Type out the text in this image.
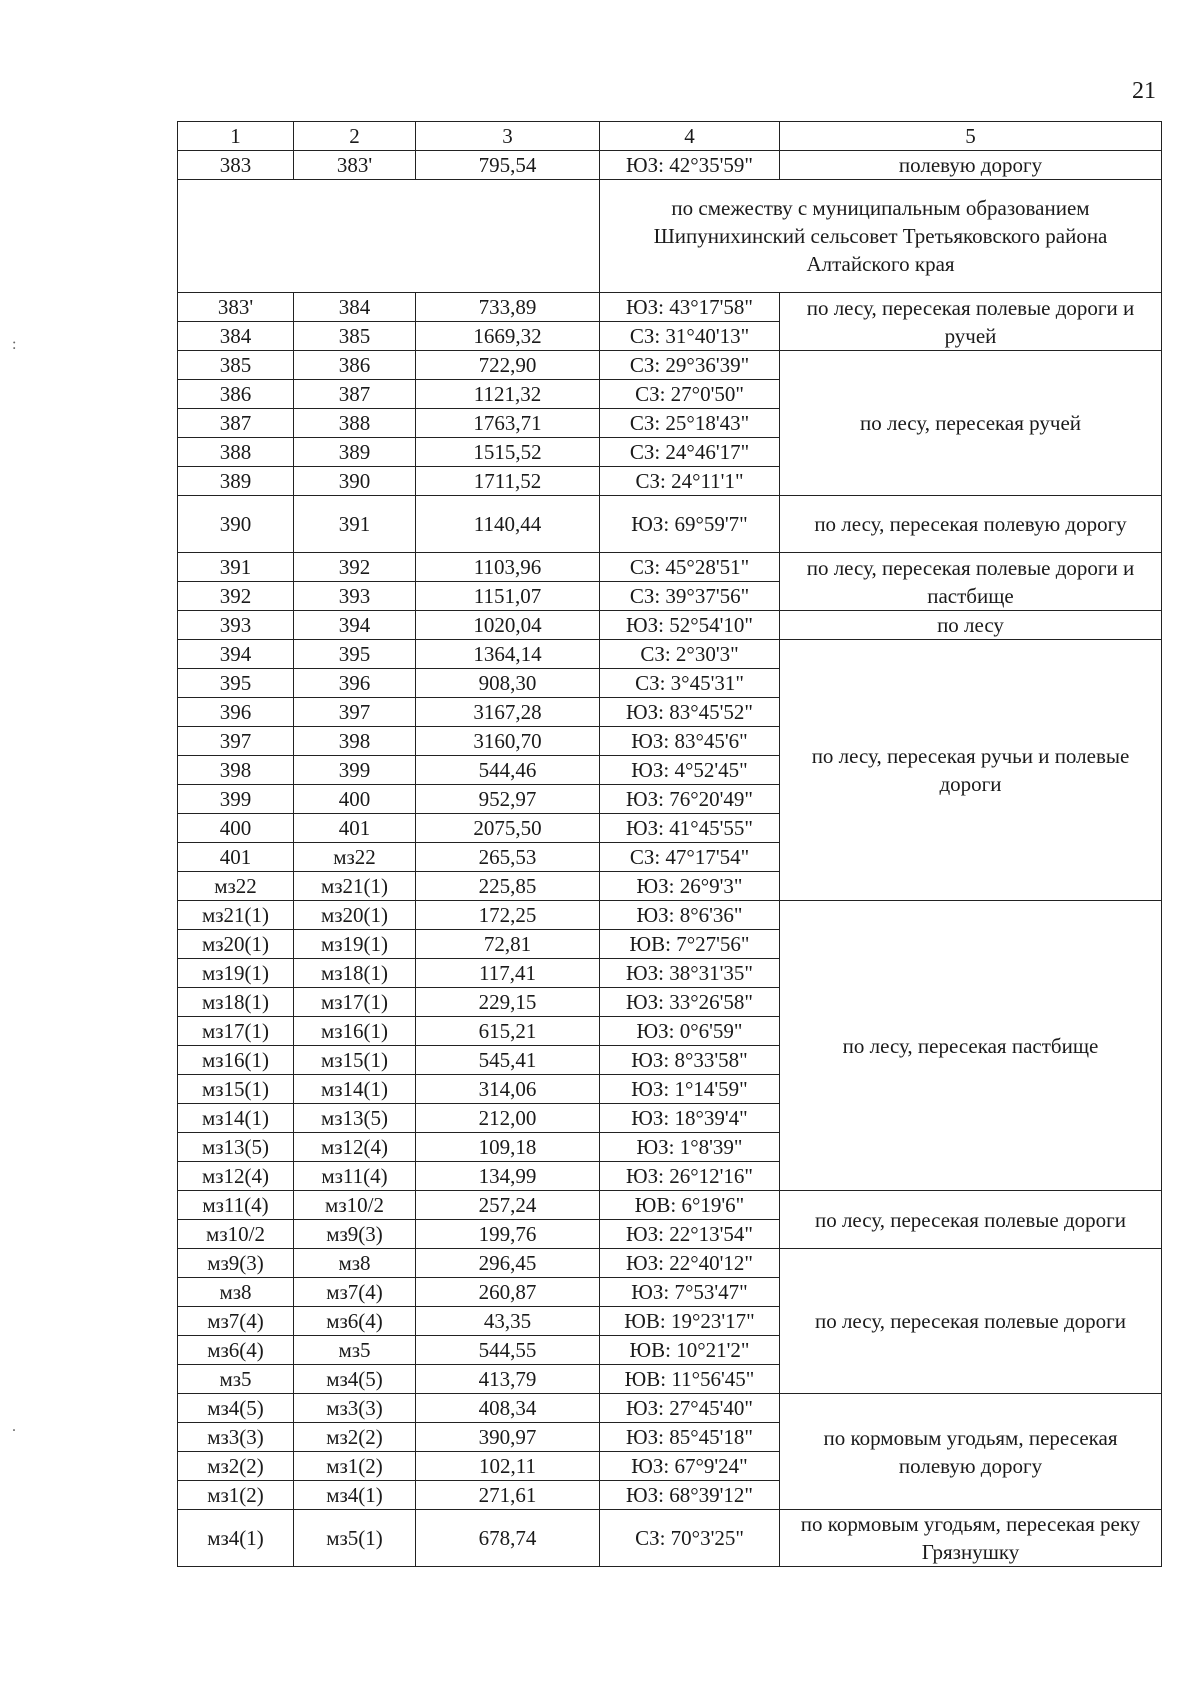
21
:
.
1	2	3	4	5
383	383'	795,54	ЮЗ: 42°35'59"	полевую дорогу
			по смежеству с муниципальным образованием Шипунихинский сельсовет Третьяковского района Алтайского края	
383'	384	733,89	ЮЗ: 43°17'58"	по лесу, пересекая полевые дороги и ручей
384	385	1669,32	СЗ: 31°40'13"	
385	386	722,90	СЗ: 29°36'39"	по лесу, пересекая ручей
386	387	1121,32	СЗ: 27°0'50"	
387	388	1763,71	СЗ: 25°18'43"	
388	389	1515,52	СЗ: 24°46'17"	
389	390	1711,52	СЗ: 24°11'1"	
390	391	1140,44	ЮЗ: 69°59'7"	по лесу, пересекая полевую дорогу
391	392	1103,96	СЗ: 45°28'51"	по лесу, пересекая полевые дороги и пастбище
392	393	1151,07	СЗ: 39°37'56"	
393	394	1020,04	ЮЗ: 52°54'10"	по лесу
394	395	1364,14	СЗ: 2°30'3"	по лесу, пересекая ручьи и полевые дороги
395	396	908,30	СЗ: 3°45'31"	
396	397	3167,28	ЮЗ: 83°45'52"	
397	398	3160,70	ЮЗ: 83°45'6"	
398	399	544,46	ЮЗ: 4°52'45"	
399	400	952,97	ЮЗ: 76°20'49"	
400	401	2075,50	ЮЗ: 41°45'55"	
401	мз22	265,53	СЗ: 47°17'54"	
мз22	мз21(1)	225,85	ЮЗ: 26°9'3"	
мз21(1)	мз20(1)	172,25	ЮЗ: 8°6'36"	по лесу, пересекая пастбище
мз20(1)	мз19(1)	72,81	ЮВ: 7°27'56"	
мз19(1)	мз18(1)	117,41	ЮЗ: 38°31'35"	
мз18(1)	мз17(1)	229,15	ЮЗ: 33°26'58"	
мз17(1)	мз16(1)	615,21	ЮЗ: 0°6'59"	
мз16(1)	мз15(1)	545,41	ЮЗ: 8°33'58"	
мз15(1)	мз14(1)	314,06	ЮЗ: 1°14'59"	
мз14(1)	мз13(5)	212,00	ЮЗ: 18°39'4"	
мз13(5)	мз12(4)	109,18	ЮЗ: 1°8'39"	
мз12(4)	мз11(4)	134,99	ЮЗ: 26°12'16"	
мз11(4)	мз10/2	257,24	ЮВ: 6°19'6"	по лесу, пересекая полевые дороги
мз10/2	мз9(3)	199,76	ЮЗ: 22°13'54"	
мз9(3)	мз8	296,45	ЮЗ: 22°40'12"	по лесу, пересекая полевые дороги
мз8	мз7(4)	260,87	ЮЗ: 7°53'47"	
мз7(4)	мз6(4)	43,35	ЮВ: 19°23'17"	
мз6(4)	мз5	544,55	ЮВ: 10°21'2"	
мз5	мз4(5)	413,79	ЮВ: 11°56'45"	
мз4(5)	мз3(3)	408,34	ЮЗ: 27°45'40"	по кормовым угодьям, пересекая полевую дорогу
мз3(3)	мз2(2)	390,97	ЮЗ: 85°45'18"	
мз2(2)	мз1(2)	102,11	ЮЗ: 67°9'24"	
мз1(2)	мз4(1)	271,61	ЮЗ: 68°39'12"	
мз4(1)	мз5(1)	678,74	СЗ: 70°3'25"	по кормовым угодьям, пересекая реку Грязнушку
